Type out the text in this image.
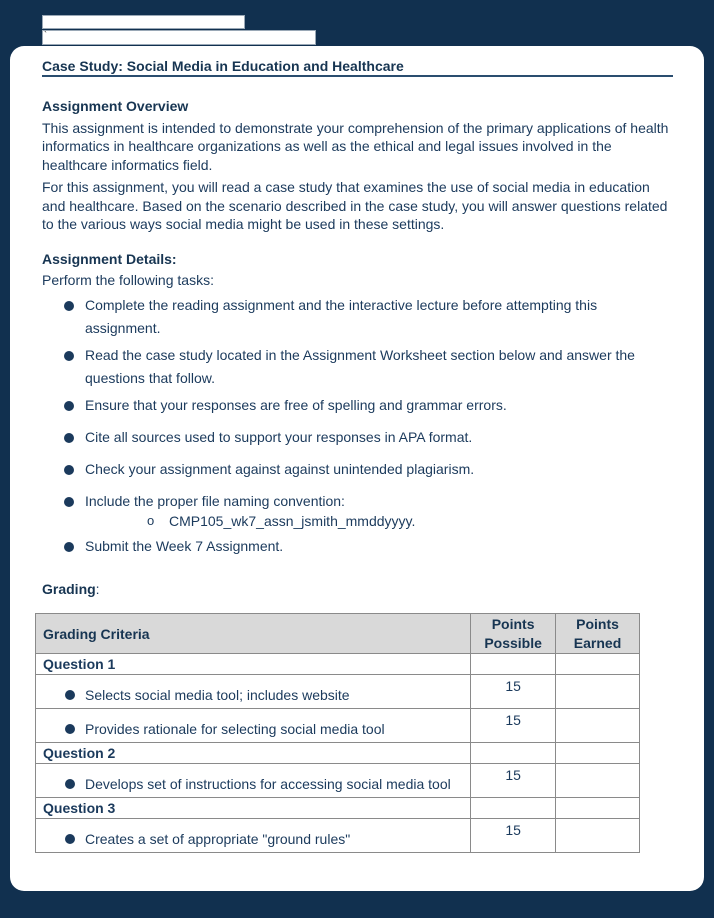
`
Case Study: Social Media in Education and Healthcare
Assignment Overview

This assignment is intended to demonstrate your comprehension of the primary applications of health informatics in healthcare organizations as well as the ethical and legal issues involved in the healthcare informatics field.

For this assignment, you will read a case study that examines the use of social media in education and healthcare. Based on the scenario described in the case study, you will answer questions related to the various ways social media might be used in these settings.

Assignment Details:
Perform the following tasks:
Complete the reading assignment and the interactive lecture before attempting this assignment.
Read the case study located in the Assignment Worksheet section below and answer the questions that follow.
Ensure that your responses are free of spelling and grammar errors.
Cite all sources used to support your responses in APA format.
Check your assignment against against unintended plagiarism.
Include the proper file naming convention:
o CMP105_wk7_assn_jsmith_mmddyyyy.
Submit the Week 7 Assignment.
Grading:
Grading Criteria	Points Possible	Points Earned
Question 1		

Selects social media tool; includes website	15	

Provides rationale for selecting social media tool	15	
Question 2		

Develops set of instructions for accessing social media tool	15	
Question 3		

Creates a set of appropriate "ground rules"	15	
